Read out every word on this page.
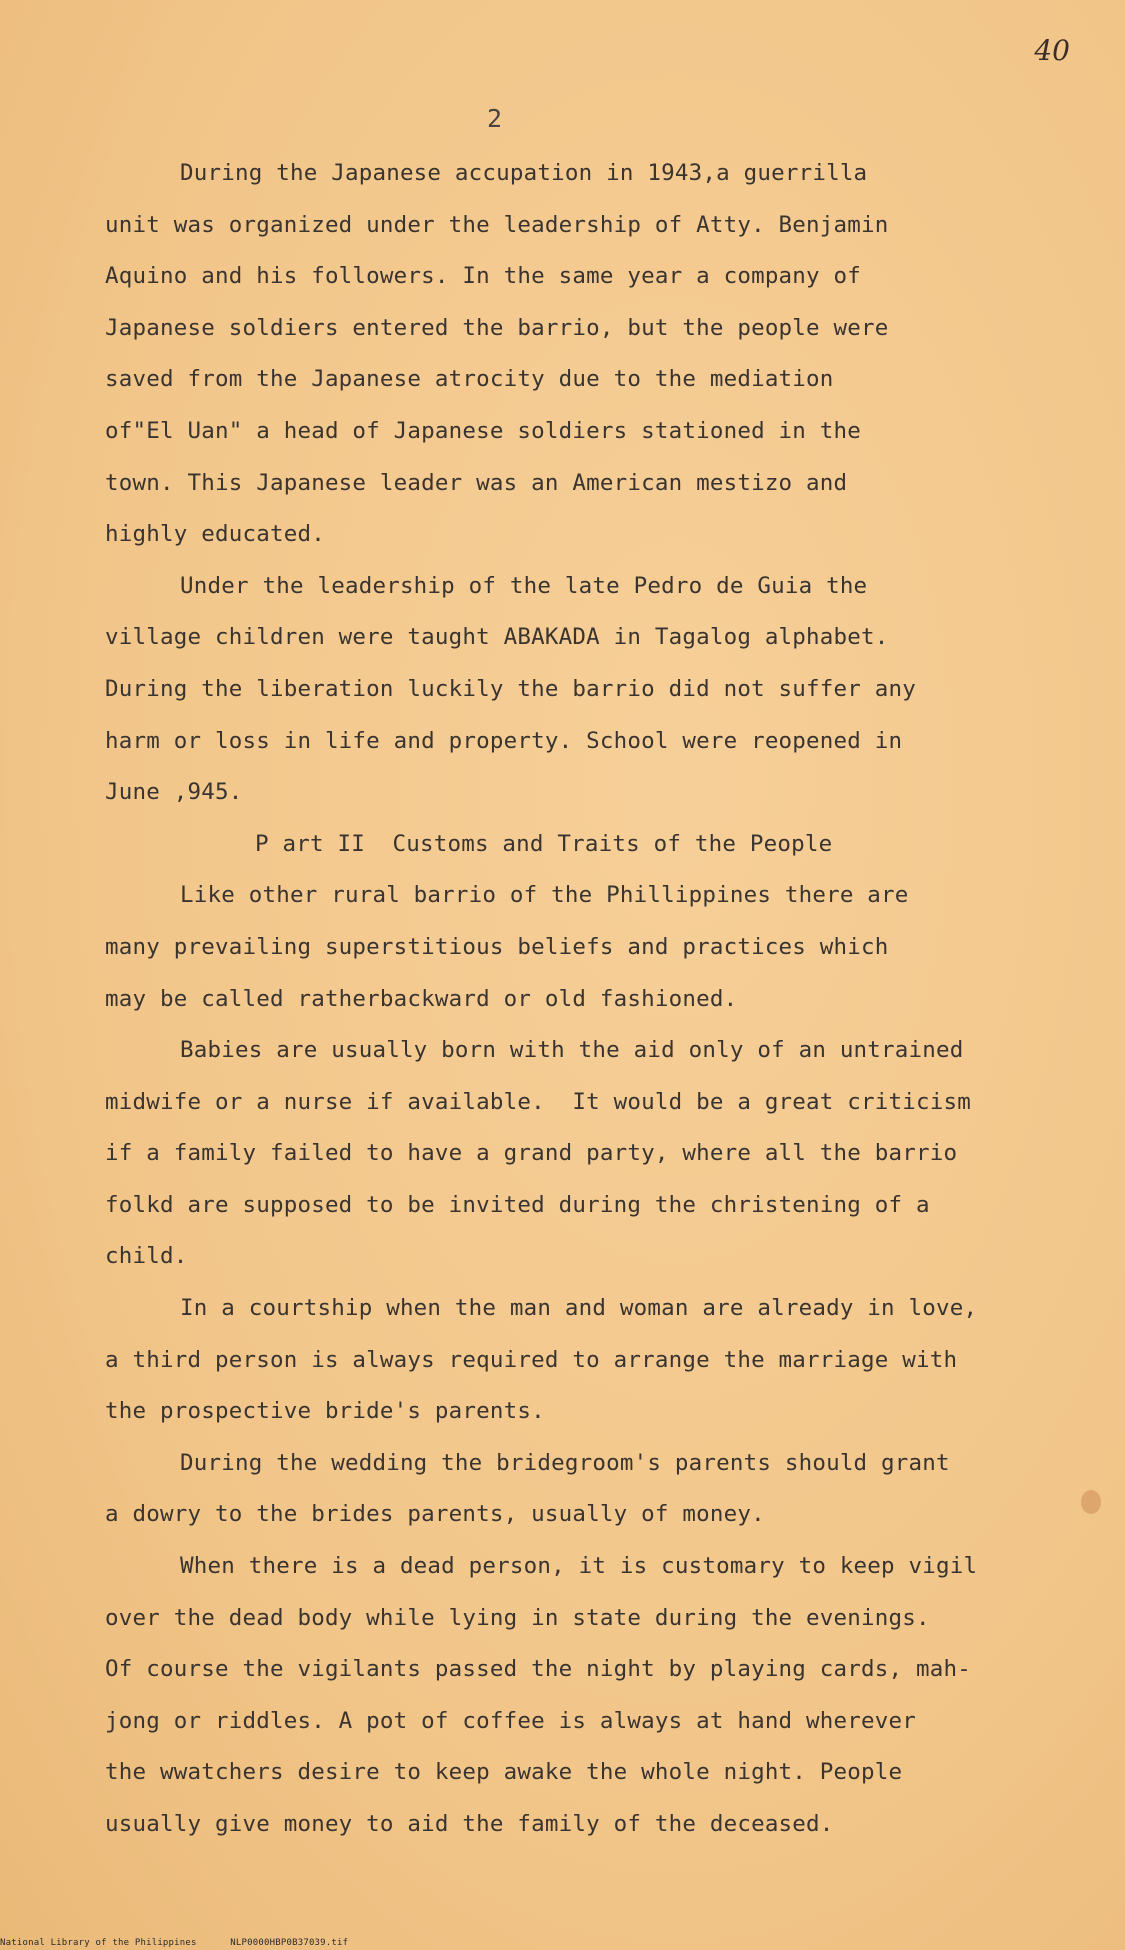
40
2
During the Japanese accupation in 1943,a guerrilla
unit was organized under the leadership of Atty. Benjamin
Aquino and his followers. In the same year a company of
Japanese soldiers entered the barrio, but the people were
saved from the Japanese atrocity due to the mediation
of"El Uan" a head of Japanese soldiers stationed in the
town. This Japanese leader was an American mestizo and
highly educated.
Under the leadership of the late Pedro de Guia the
village children were taught ABAKADA in Tagalog alphabet.
During the liberation luckily the barrio did not suffer any
harm or loss in life and property. School were reopened in
June ,945.
P art II  Customs and Traits of the People
Like other rural barrio of the Phillippines there are
many prevailing superstitious beliefs and practices which
may be called ratherbackward or old fashioned.
Babies are usually born with the aid only of an untrained
midwife or a nurse if available.  It would be a great criticism
if a family failed to have a grand party, where all the barrio
folkd are supposed to be invited during the christening of a
child.
In a courtship when the man and woman are already in love,
a third person is always required to arrange the marriage with
the prospective bride's parents.
During the wedding the bridegroom's parents should grant
a dowry to the brides parents, usually of money.
When there is a dead person, it is customary to keep vigil
over the dead body while lying in state during the evenings.
Of course the vigilants passed the night by playing cards, mah-
jong or riddles. A pot of coffee is always at hand wherever
the wwatchers desire to keep awake the whole night. People
usually give money to aid the family of the deceased.
National Library of the Philippines	NLP0000HBP0B37039.tif
